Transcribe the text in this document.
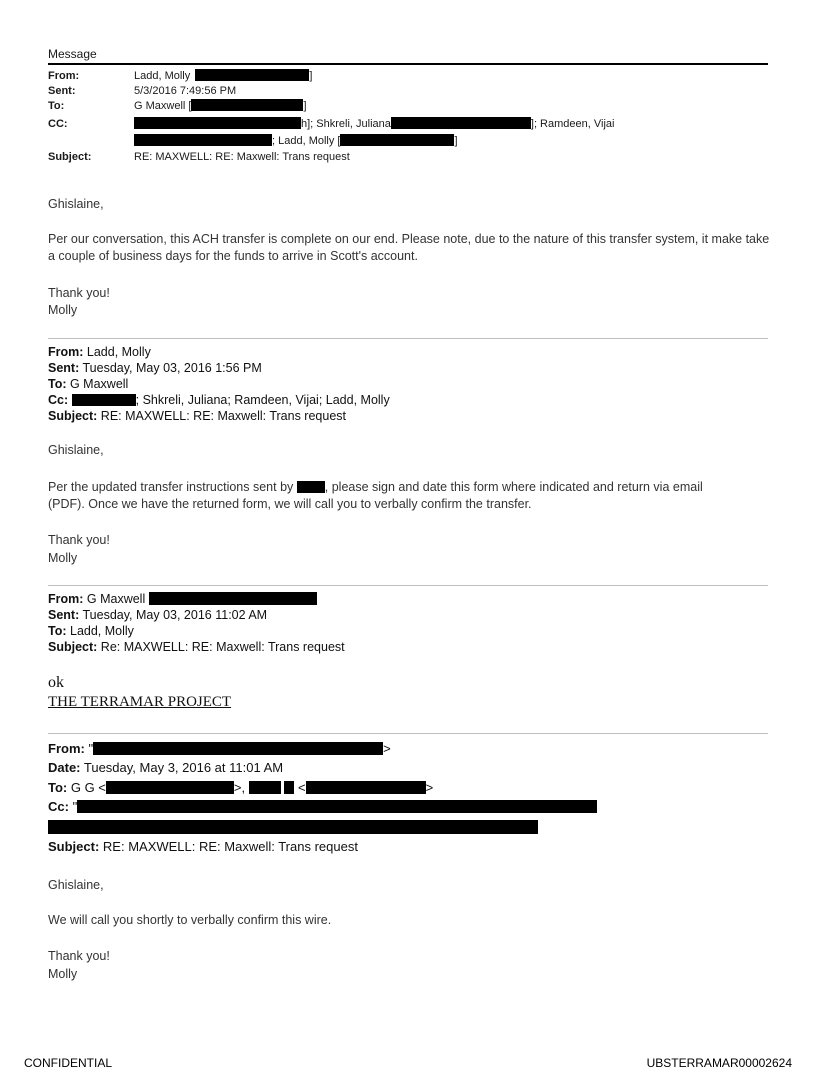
Message
From:	Ladd, Molly	]
Sent:	5/3/2016 7:49:56 PM
To:	G Maxwell [	]
CC:	h]; Shkreli, Juliana	]; Ramdeen, Vijai
; Ladd, Molly [	]
Subject:	RE: MAXWELL: RE: Maxwell: Trans request
Ghislaine,
Per our conversation, this ACH transfer is complete on our end. Please note, due to the nature of this transfer system, it make take a couple of business days for the funds to arrive in Scott's account.
Thank you!
Molly
From: Ladd, Molly
Sent: Tuesday, May 03, 2016 1:56 PM
To: G Maxwell
Cc:	; Shkreli, Juliana; Ramdeen, Vijai; Ladd, Molly
Subject: RE: MAXWELL: RE: Maxwell: Trans request
Ghislaine,
Per the updated transfer instructions sent by	, please sign and date this form where indicated and return via email
(PDF). Once we have the returned form, we will call you to verbally confirm the transfer.
Thank you!
Molly
From: G Maxwell
Sent: Tuesday, May 03, 2016 11:02 AM
To: Ladd, Molly
Subject: Re: MAXWELL: RE: Maxwell: Trans request
ok
THE TERRAMAR PROJECT
From: "	>
Date: Tuesday, May 3, 2016 at 11:01 AM
To: G G <	>,	<	>
Cc: "
Subject: RE: MAXWELL: RE: Maxwell: Trans request
Ghislaine,
We will call you shortly to verbally confirm this wire.
Thank you!
Molly
CONFIDENTIAL	UBSTERRAMAR00002624
